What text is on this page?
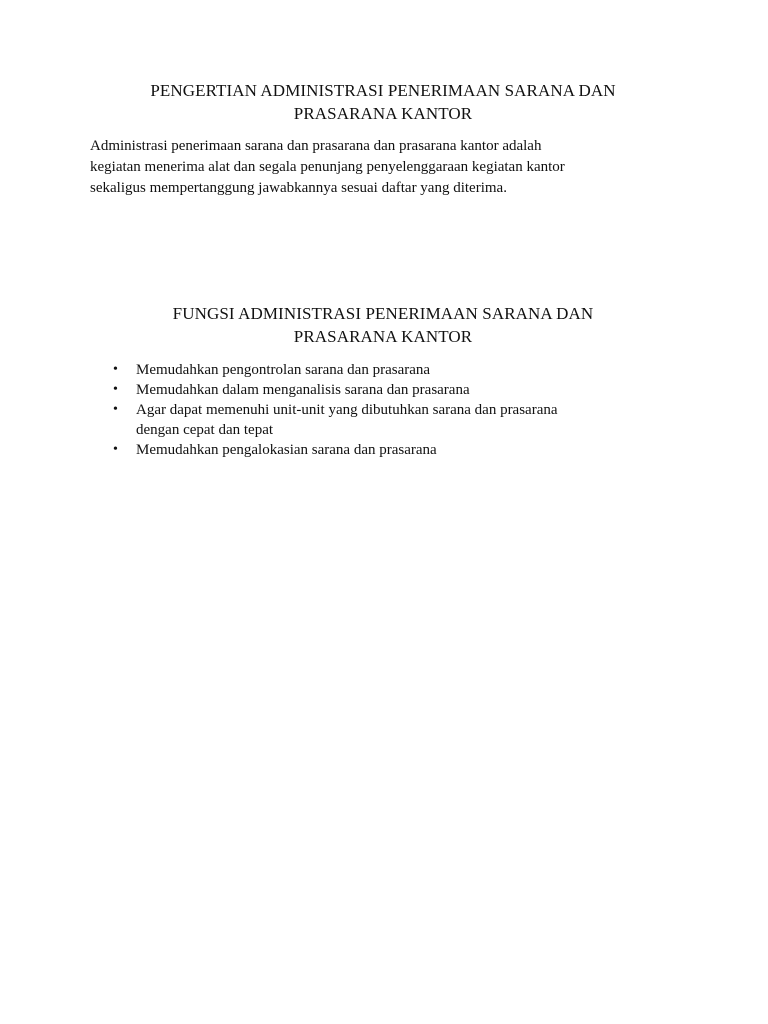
PENGERTIAN ADMINISTRASI PENERIMAAN SARANA DAN
PRASARANA KANTOR
Administrasi penerimaan sarana dan prasarana dan prasarana kantor adalah
kegiatan menerima alat dan segala penunjang penyelenggaraan kegiatan kantor
sekaligus mempertanggung jawabkannya sesuai daftar yang diterima.
FUNGSI ADMINISTRASI PENERIMAAN SARANA DAN
PRASARANA KANTOR
•	Memudahkan pengontrolan sarana dan prasarana
•	Memudahkan dalam menganalisis sarana dan prasarana
•	Agar dapat memenuhi unit-unit yang dibutuhkan sarana dan prasarana
dengan cepat dan tepat
•	Memudahkan pengalokasian sarana dan prasarana
